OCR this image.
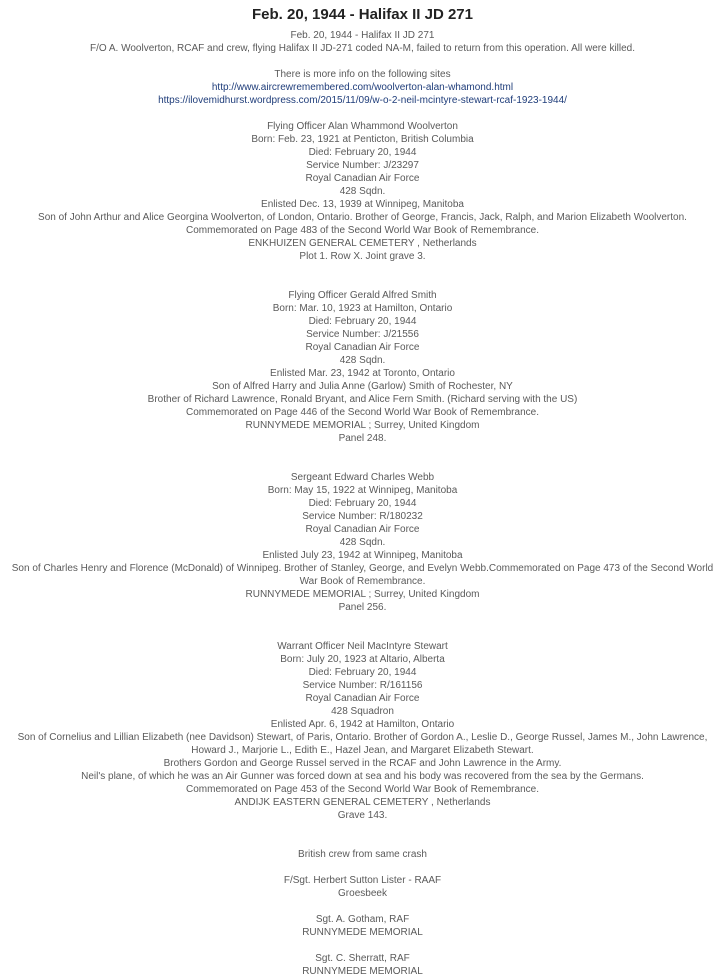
Feb. 20, 1944 - Halifax II JD 271
Feb. 20, 1944 - Halifax II JD 271
F/O A. Woolverton, RCAF and crew, flying Halifax II JD-271 coded NA-M, failed to return from this operation. All were killed.
There is more info on the following sites
http://www.aircrewremembered.com/woolverton-alan-whamond.html
https://ilovemidhurst.wordpress.com/2015/11/09/w-o-2-neil-mcintyre-stewart-rcaf-1923-1944/
Flying Officer Alan Whammond Woolverton
Born: Feb. 23, 1921 at Penticton, British Columbia
Died: February 20, 1944
Service Number: J/23297
Royal Canadian Air Force
428 Sqdn.
Enlisted Dec. 13, 1939 at Winnipeg, Manitoba
Son of John Arthur and Alice Georgina Woolverton, of London, Ontario. Brother of George, Francis, Jack, Ralph, and Marion Elizabeth Woolverton.
Commemorated on Page 483 of the Second World War Book of Remembrance.
ENKHUIZEN GENERAL CEMETERY , Netherlands
Plot 1. Row X. Joint grave 3.
Flying Officer Gerald Alfred Smith
Born: Mar. 10, 1923 at Hamilton, Ontario
Died: February 20, 1944
Service Number: J/21556
Royal Canadian Air Force
428 Sqdn.
Enlisted Mar. 23, 1942 at Toronto, Ontario
Son of Alfred Harry and Julia Anne (Garlow) Smith of Rochester, NY
Brother of Richard Lawrence, Ronald Bryant, and Alice Fern Smith. (Richard serving with the US)
Commemorated on Page 446 of the Second World War Book of Remembrance.
RUNNYMEDE MEMORIAL ; Surrey, United Kingdom
Panel 248.
Sergeant Edward Charles Webb
Born: May 15, 1922 at Winnipeg, Manitoba
Died: February 20, 1944
Service Number: R/180232
Royal Canadian Air Force
428 Sqdn.
Enlisted July 23, 1942 at Winnipeg, Manitoba
Son of Charles Henry and Florence (McDonald) of Winnipeg. Brother of Stanley, George, and Evelyn Webb.Commemorated on Page 473 of the Second World War Book of Remembrance.
RUNNYMEDE MEMORIAL ; Surrey, United Kingdom
Panel 256.
Warrant Officer Neil MacIntyre Stewart
Born: July 20, 1923 at Altario, Alberta
Died: February 20, 1944
Service Number: R/161156
Royal Canadian Air Force
428 Squadron
Enlisted Apr. 6, 1942 at Hamilton, Ontario
Son of Cornelius and Lillian Elizabeth (nee Davidson) Stewart, of Paris, Ontario. Brother of Gordon A., Leslie D., George Russel, James M., John Lawrence, Howard J., Marjorie L., Edith E., Hazel Jean, and Margaret Elizabeth Stewart.
Brothers Gordon and George Russel served in the RCAF and John Lawrence in the Army.
Neil's plane, of which he was an Air Gunner was forced down at sea and his body was recovered from the sea by the Germans.
Commemorated on Page 453 of the Second World War Book of Remembrance.
ANDIJK EASTERN GENERAL CEMETERY , Netherlands
Grave 143.
British crew from same crash
F/Sgt. Herbert Sutton Lister - RAAF
Groesbeek
Sgt. A. Gotham, RAF
RUNNYMEDE MEMORIAL
Sgt. C. Sherratt, RAF
RUNNYMEDE MEMORIAL
